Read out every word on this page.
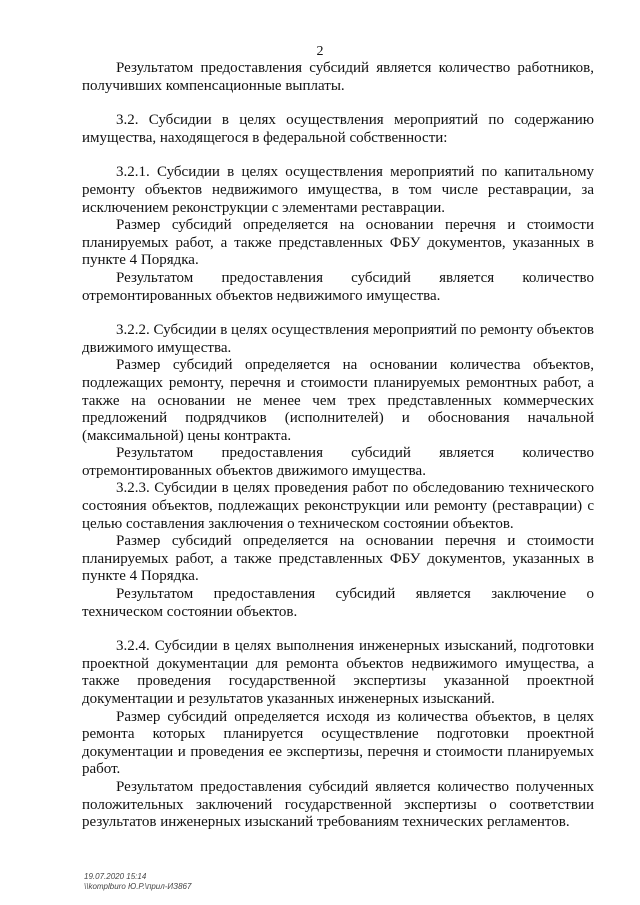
2

Результатом предоставления субсидий является количество работников, получивших компенсационные выплаты.

3.2. Субсидии в целях осуществления мероприятий по содержанию имущества, находящегося в федеральной собственности:

3.2.1. Субсидии в целях осуществления мероприятий по капитальному ремонту объектов недвижимого имущества, в том числе реставрации, за исключением реконструкции с элементами реставрации.

Размер субсидий определяется на основании перечня и стоимости планируемых работ, а также представленных ФБУ документов, указанных в пункте 4 Порядка.

Результатом предоставления субсидий является количество отремонтированных объектов недвижимого имущества.

3.2.2. Субсидии в целях осуществления мероприятий по ремонту объектов движимого имущества.

Размер субсидий определяется на основании количества объектов, подлежащих ремонту, перечня и стоимости планируемых ремонтных работ, а также на основании не менее чем трех представленных коммерческих предложений подрядчиков (исполнителей) и обоснования начальной (максимальной) цены контракта.

Результатом предоставления субсидий является количество отремонтированных объектов движимого имущества.

3.2.3. Субсидии в целях проведения работ по обследованию технического состояния объектов, подлежащих реконструкции или ремонту (реставрации) с целью составления заключения о техническом состоянии объектов.

Размер субсидий определяется на основании перечня и стоимости планируемых работ, а также представленных ФБУ документов, указанных в пункте 4 Порядка.

Результатом предоставления субсидий является заключение о техническом состоянии объектов.

3.2.4. Субсидии в целях выполнения инженерных изысканий, подготовки проектной документации для ремонта объектов недвижимого имущества, а также проведения государственной экспертизы указанной проектной документации и результатов указанных инженерных изысканий.

Размер субсидий определяется исходя из количества объектов, в целях ремонта которых планируется осуществление подготовки проектной документации и проведения ее экспертизы, перечня и стоимости планируемых работ.

Результатом предоставления субсидий является количество полученных положительных заключений государственной экспертизы о соответствии результатов инженерных изысканий требованиям технических регламентов.

19.07.2020 15:14
\\komplburo Ю.Р.\прил-ИЗ867
